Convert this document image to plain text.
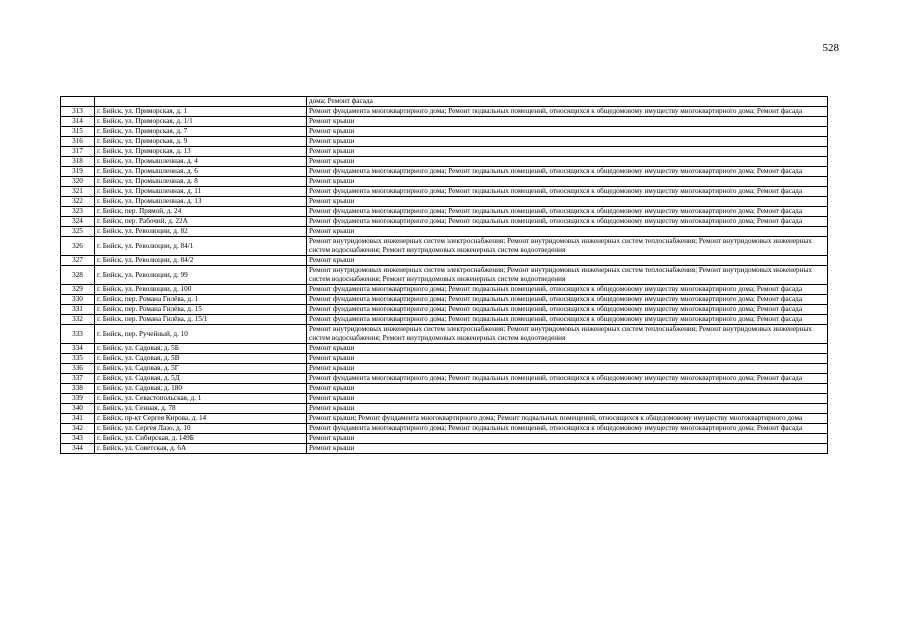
528
		дома; Ремонт фасада
313	г. Бийск, ул. Приморская, д. 1	Ремонт фундамента многоквартирного дома; Ремонт подвальных помещений, относящихся к общедомовому имуществу многоквартирного дома; Ремонт фасада
314	г. Бийск, ул. Приморская, д. 1/1	Ремонт крыши
315	г. Бийск, ул. Приморская, д. 7	Ремонт крыши
316	г. Бийск, ул. Приморская, д. 9	Ремонт крыши
317	г. Бийск, ул. Приморская, д. 13	Ремонт крыши
318	г. Бийск, ул. Промышленная, д. 4	Ремонт крыши
319	г. Бийск, ул. Промышленная, д. 6	Ремонт фундамента многоквартирного дома; Ремонт подвальных помещений, относящихся к общедомовому имуществу многоквартирного дома; Ремонт фасада
320	г. Бийск, ул. Промышленная, д. 8	Ремонт крыши
321	г. Бийск, ул. Промышленная, д. 11	Ремонт фундамента многоквартирного дома; Ремонт подвальных помещений, относящихся к общедомовому имуществу многоквартирного дома; Ремонт фасада
322	г. Бийск, ул. Промышленная, д. 13	Ремонт крыши
323	г. Бийск, пер. Прямой, д. 24	Ремонт фундамента многоквартирного дома; Ремонт подвальных помещений, относящихся к общедомовому имуществу многоквартирного дома; Ремонт фасада
324	г. Бийск, пер. Рабочий, д. 22А	Ремонт фундамента многоквартирного дома; Ремонт подвальных помещений, относящихся к общедомовому имуществу многоквартирного дома; Ремонт фасада
325	г. Бийск, ул. Революции, д. 82	Ремонт крыши
326	г. Бийск, ул. Революции, д. 84/1	Ремонт внутридомовых инженерных систем электроснабжения; Ремонт внутридомовых инженерных систем теплоснабжения; Ремонт внутридомовых инженерных систем водоснабжения; Ремонт внутридомовых инженерных систем водоотведения
327	г. Бийск, ул. Революции, д. 84/2	Ремонт крыши
328	г. Бийск, ул. Революции, д. 99	Ремонт внутридомовых инженерных систем электроснабжения; Ремонт внутридомовых инженерных систем теплоснабжения; Ремонт внутридомовых инженерных систем водоснабжения; Ремонт внутридомовых инженерных систем водоотведения
329	г. Бийск, ул. Революции, д. 100	Ремонт фундамента многоквартирного дома; Ремонт подвальных помещений, относящихся к общедомовому имуществу многоквартирного дома; Ремонт фасада
330	г. Бийск, пер. Романа Гилёва, д. 1	Ремонт фундамента многоквартирного дома; Ремонт подвальных помещений, относящихся к общедомовому имуществу многоквартирного дома; Ремонт фасада
331	г. Бийск, пер. Романа Гилёва, д. 15	Ремонт фундамента многоквартирного дома; Ремонт подвальных помещений, относящихся к общедомовому имуществу многоквартирного дома; Ремонт фасада
332	г. Бийск, пер. Романа Гилёва, д. 15/1	Ремонт фундамента многоквартирного дома; Ремонт подвальных помещений, относящихся к общедомовому имуществу многоквартирного дома; Ремонт фасада
333	г. Бийск, пер. Ручейный, д. 10	Ремонт внутридомовых инженерных систем электроснабжения; Ремонт внутридомовых инженерных систем теплоснабжения; Ремонт внутридомовых инженерных систем водоснабжения; Ремонт внутридомовых инженерных систем водоотведения
334	г. Бийск, ул. Садовая, д. 5Б	Ремонт крыши
335	г. Бийск, ул. Садовая, д. 5В	Ремонт крыши
336	г. Бийск, ул. Садовая, д. 5Г	Ремонт крыши
337	г. Бийск, ул. Садовая, д. 5Д	Ремонт фундамента многоквартирного дома; Ремонт подвальных помещений, относящихся к общедомовому имуществу многоквартирного дома; Ремонт фасада
338	г. Бийск, ул. Садовая, д. 180	Ремонт крыши
339	г. Бийск, ул. Севастопольская, д. 1	Ремонт крыши
340	г. Бийск, ул. Сенная, д. 78	Ремонт крыши
341	г. Бийск, пр-кт Сергея Кирова, д. 14	Ремонт крыши; Ремонт фундамента многоквартирного дома; Ремонт подвальных помещений, относящихся к общедомовому имуществу многоквартирного дома
342	г. Бийск, ул. Сергея Лазо, д. 10	Ремонт фундамента многоквартирного дома; Ремонт подвальных помещений, относящихся к общедомовому имуществу многоквартирного дома; Ремонт фасада
343	г. Бийск, ул. Сибирская, д. 149Б	Ремонт крыши
344	г. Бийск, ул. Советская, д. 6А	Ремонт крыши
